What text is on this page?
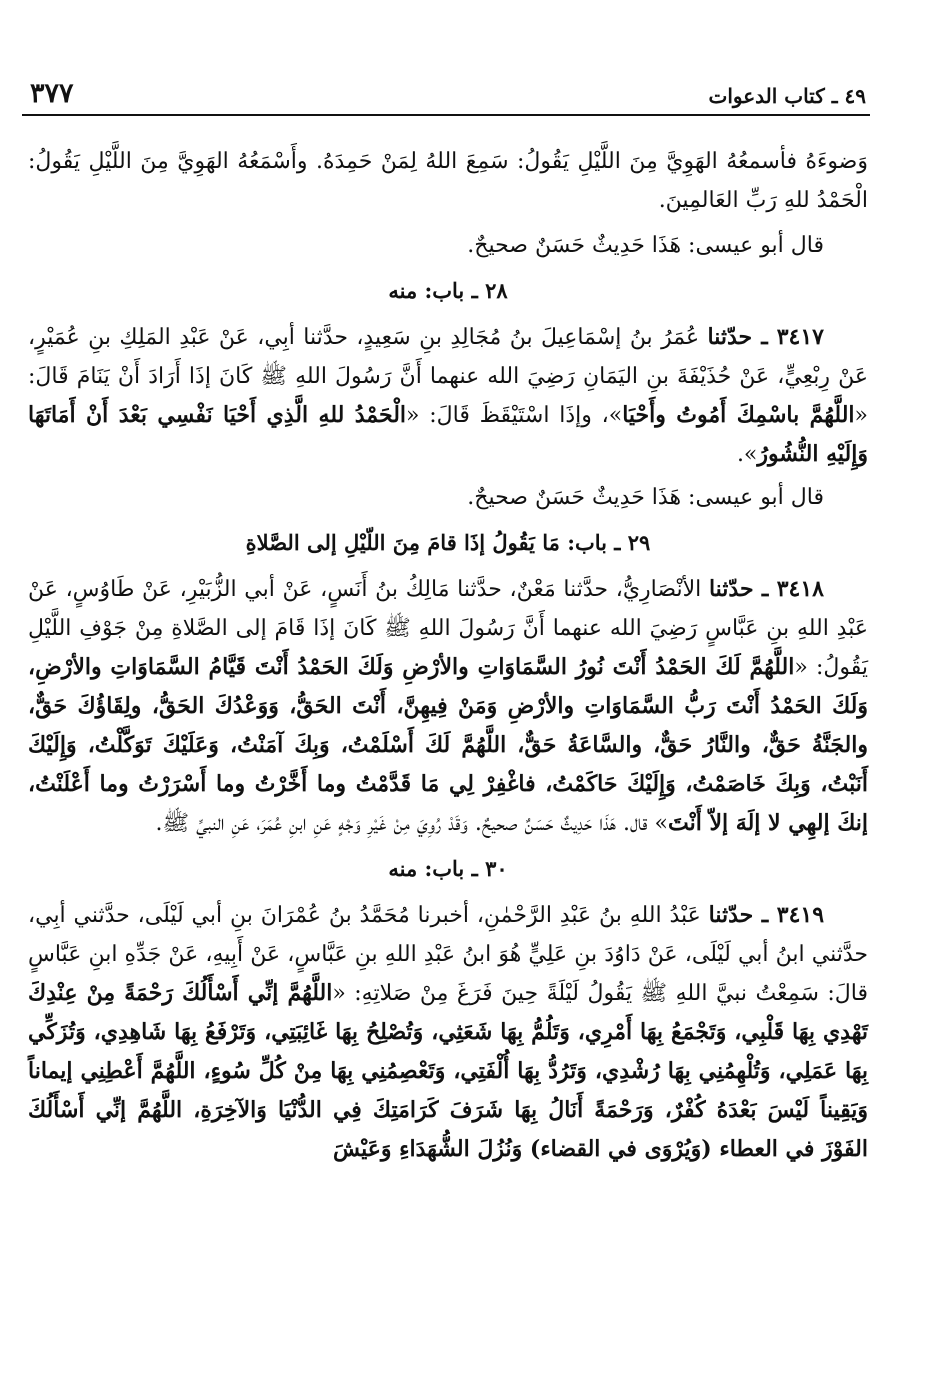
٣٧٧	٤٩ ـ كتاب الدعوات

وَضوءَهُ فأسمعُهُ الهَوِيَّ مِنَ اللَّيْلِ يَقُولُ: سَمِعَ اللهُ لِمَنْ حَمِدَهُ. وأَسْمَعُهُ الهَوِيَّ مِنَ اللَّيْلِ يَقُولُ: الْحَمْدُ للهِ رَبِّ العَالمِينَ.

قال أبو عيسى: هَذَا حَدِيثٌ حَسَنٌ صحيحٌ.

٢٨ ـ باب: منه

٣٤١٧ ـ حدّثنا عُمَرُ بنُ إسْمَاعِيلَ بنُ مُجَالِدِ بنِ سَعِيدٍ، حدَّثنا أبِي، عَنْ عَبْدِ المَلِكِ بنِ عُمَيْرٍ، عَنْ رِبْعِيٍّ، عَنْ حُذَيْفَةَ بنِ اليَمَانِ رَضِيَ الله عنهما أَنَّ رَسُولَ اللهِ ﷺ كَانَ إذَا أَرَادَ أَنْ يَنَامَ قَالَ: «اللَّهُمَّ باسْمِكَ أَمُوتُ وأَحْيَا»، وإذَا اسْتَيْقَظَ قَالَ: «الْحَمْدُ للهِ الَّذِي أَحْيَا نَفْسِي بَعْدَ أَنْ أَمَاتَهَا وَإِلَيْهِ النُّشُورُ».

قال أبو عيسى: هَذَا حَدِيثٌ حَسَنٌ صحيحٌ.

٢٩ ـ باب: مَا يَقُولُ إذَا قامَ مِنَ اللّيْلِ إلى الصَّلاةِ

٣٤١٨ ـ حدّثنا الأنْصَارِيُّ، حدَّثنا مَعْنٌ، حدَّثنا مَالِكُ بنُ أَنَسٍ، عَنْ أبي الزُّبَيْرِ، عَنْ طَاوُسٍ، عَنْ عَبْدِ اللهِ بنِ عَبَّاسٍ رَضِيَ الله عنهما أَنَّ رَسُولَ اللهِ ﷺ كَانَ إذَا قَامَ إلى الصَّلاةِ مِنْ جَوْفِ اللَّيْلِ يَقُولُ: «اللَّهُمَّ لَكَ الحَمْدُ أَنْتَ نُورُ السَّمَاوَاتِ والأرْضِ وَلَكَ الحَمْدُ أَنْتَ قَيَّامُ السَّمَاوَاتِ والأرْضِ، وَلَكَ الحَمْدُ أَنْتَ رَبُّ السَّمَاوَاتِ والأرْضِ وَمَنْ فِيهِنَّ، أَنْتَ الحَقُّ، وَوَعْدُكَ الحَقُّ، ولِقَاؤُكَ حَقٌّ، والجَنَّةُ حَقٌّ، والنَّارُ حَقٌّ، والسَّاعَةُ حَقٌّ، اللَّهُمَّ لَكَ أَسْلَمْتُ، وَبِكَ آمَنْتُ، وَعَلَيْكَ تَوَكَّلْتُ، وَإِلَيْكَ أَنَبْتُ، وَبِكَ خَاصَمْتُ، وَإِلَيْكَ حَاكَمْتُ، فاغْفِرْ لِي مَا قَدَّمْتُ وما أَخَّرْتُ وما أَسْرَرْتُ وما أَعْلَنْتُ، إنكَ إلهِي لا إلَهَ إلاّ أَنْتَ» قال. هَذَا حَدِيثٌ حَسَنٌ صحيحٌ. وَقَدْ رُوِيَ مِنْ غَيْرِ وَجْهٍ عَنِ ابنِ عُمَرَ، عَنِ النبيِّ ﷺ.

٣٠ ـ باب: منه

٣٤١٩ ـ حدّثنا عَبْدُ اللهِ بنُ عَبْدِ الرَّحْمٰنِ، أخبرنا مُحَمَّدُ بنُ عُمْرَانَ بنِ أبي لَيْلَى، حدَّثني أبِي، حدَّثني ابنُ أبي لَيْلَى، عَنْ دَاوُدَ بنِ عَلِيٍّ هُوَ ابنُ عَبْدِ اللهِ بنِ عَبَّاسٍ، عَنْ أَبِيهِ، عَنْ جَدِّهِ ابنِ عَبَّاسٍ قالَ: سَمِعْتُ نبيَّ اللهِ ﷺ يَقُولُ لَيْلَةً حِينَ فَرَغَ مِنْ صَلاتِهِ: «اللَّهُمَّ إنِّي أَسْأَلُكَ رَحْمَةً مِنْ عِنْدِكَ تَهْدِي بِهَا قَلْبِي، وَتَجْمَعُ بِهَا أَمْرِي، وَتَلُمُّ بِهَا شَعَثِي، وَتُصْلِحُ بِهَا غَائِبَتِي، وَتَرْفَعُ بِهَا شَاهِدِي، وَتُزَكِّي بِهَا عَمَلِي، وَتُلْهِمُنِي بِهَا رُشْدِي، وَتَرُدُّ بِهَا أُلْفَتِي، وَتَعْصِمُنِي بِهَا مِنْ كُلِّ سُوءٍ، اللَّهُمَّ أَعْطِنِي إيماناً وَيَقِيناً لَيْسَ بَعْدَهُ كُفْرٌ، وَرَحْمَةً أَنَالُ بِهَا شَرَفَ كَرَامَتِكَ فِي الدُّنْيَا وَالآخِرَةِ، اللَّهُمَّ إنِّي أَسْأَلُكَ الفَوْزَ في العطاء (وَيُرْوَى في القضاء) وَنُزُلَ الشُّهَدَاءِ وَعَيْشَ
